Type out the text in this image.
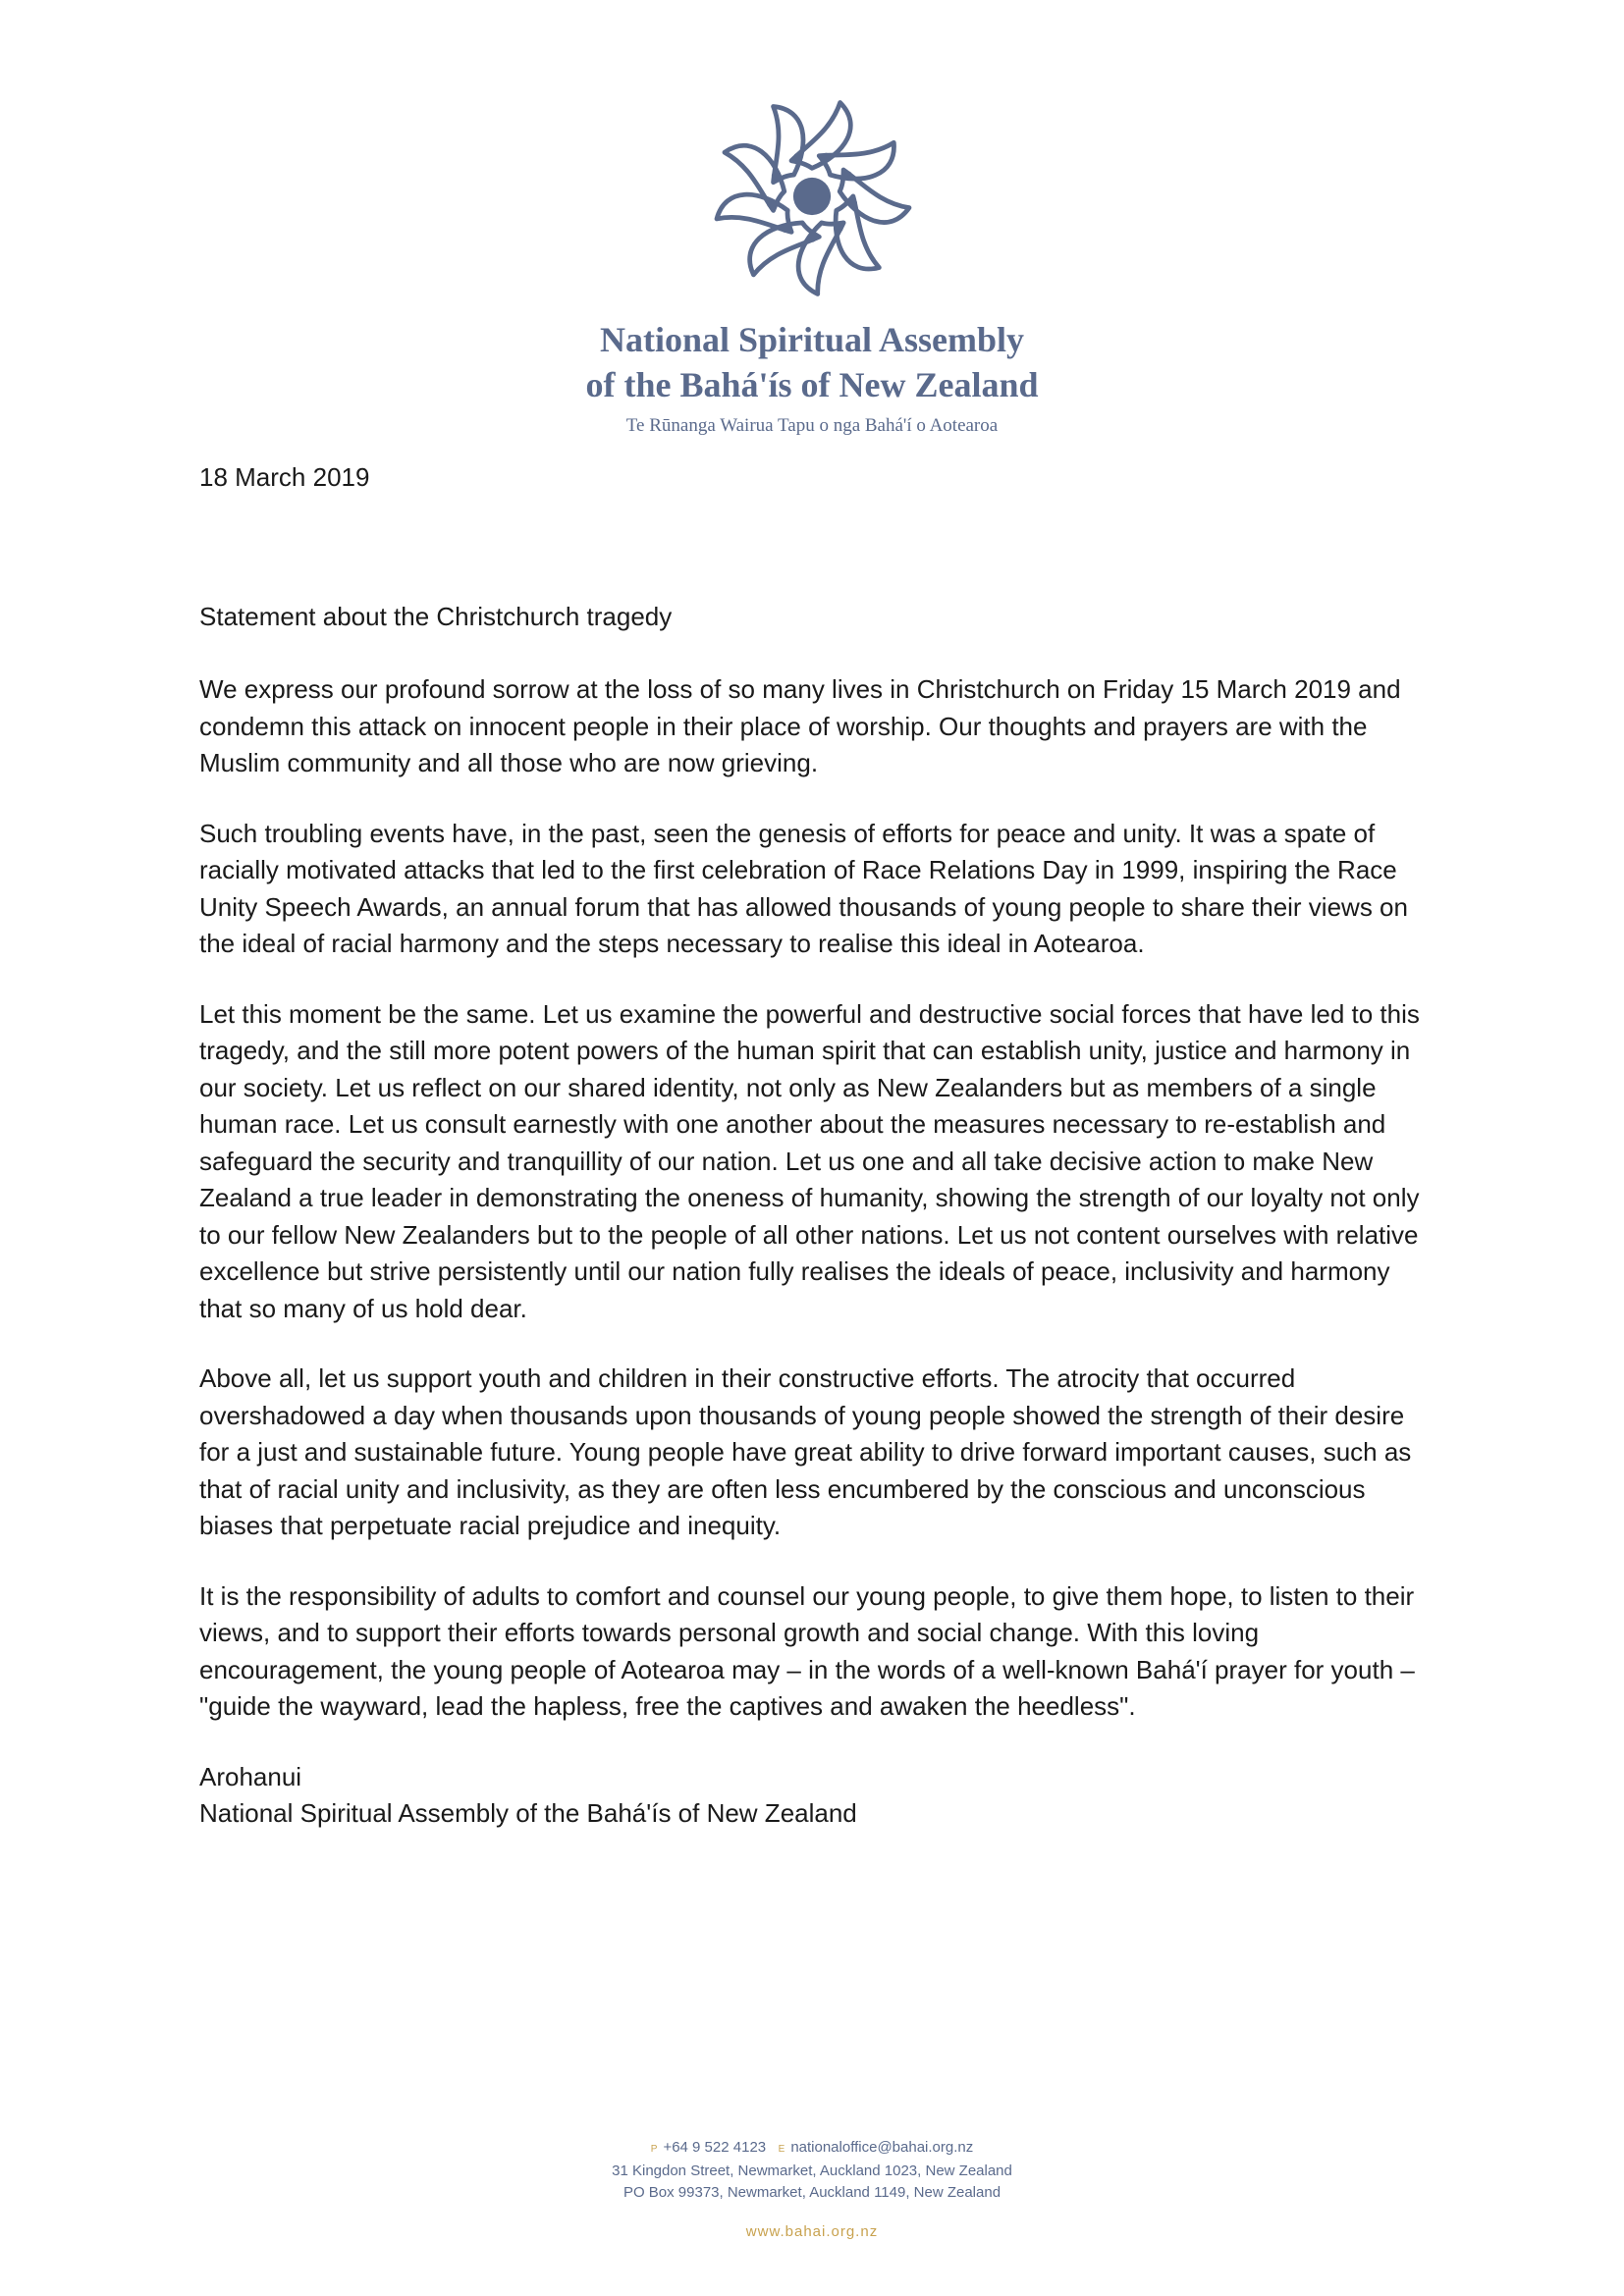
National Spiritual Assembly
of the Bahá'ís of New Zealand
Te Rūnanga Wairua Tapu o nga Bahá'í o Aotearoa

18 March 2019

Statement about the Christchurch tragedy

We express our profound sorrow at the loss of so many lives in Christchurch on Friday 15 March 2019 and condemn this attack on innocent people in their place of worship. Our thoughts and prayers are with the Muslim community and all those who are now grieving.

Such troubling events have, in the past, seen the genesis of efforts for peace and unity. It was a spate of racially motivated attacks that led to the first celebration of Race Relations Day in 1999, inspiring the Race Unity Speech Awards, an annual forum that has allowed thousands of young people to share their views on the ideal of racial harmony and the steps necessary to realise this ideal in Aotearoa.

Let this moment be the same. Let us examine the powerful and destructive social forces that have led to this tragedy, and the still more potent powers of the human spirit that can establish unity, justice and harmony in our society. Let us reflect on our shared identity, not only as New Zealanders but as members of a single human race. Let us consult earnestly with one another about the measures necessary to re-establish and safeguard the security and tranquillity of our nation. Let us one and all take decisive action to make New Zealand a true leader in demonstrating the oneness of humanity, showing the strength of our loyalty not only to our fellow New Zealanders but to the people of all other nations. Let us not content ourselves with relative excellence but strive persistently until our nation fully realises the ideals of peace, inclusivity and harmony that so many of us hold dear.

Above all, let us support youth and children in their constructive efforts. The atrocity that occurred overshadowed a day when thousands upon thousands of young people showed the strength of their desire for a just and sustainable future. Young people have great ability to drive forward important causes, such as that of racial unity and inclusivity, as they are often less encumbered by the conscious and unconscious biases that perpetuate racial prejudice and inequity.

It is the responsibility of adults to comfort and counsel our young people, to give them hope, to listen to their views, and to support their efforts towards personal growth and social change. With this loving encouragement, the young people of Aotearoa may – in the words of a well-known Bahá'í prayer for youth – "guide the wayward, lead the hapless, free the captives and awaken the heedless".

Arohanui
National Spiritual Assembly of the Bahá'ís of New Zealand

P +64 9 522 4123 E nationaloffice@bahai.org.nz
31 Kingdon Street, Newmarket, Auckland 1023, New Zealand
PO Box 99373, Newmarket, Auckland 1149, New Zealand
www.bahai.org.nz
